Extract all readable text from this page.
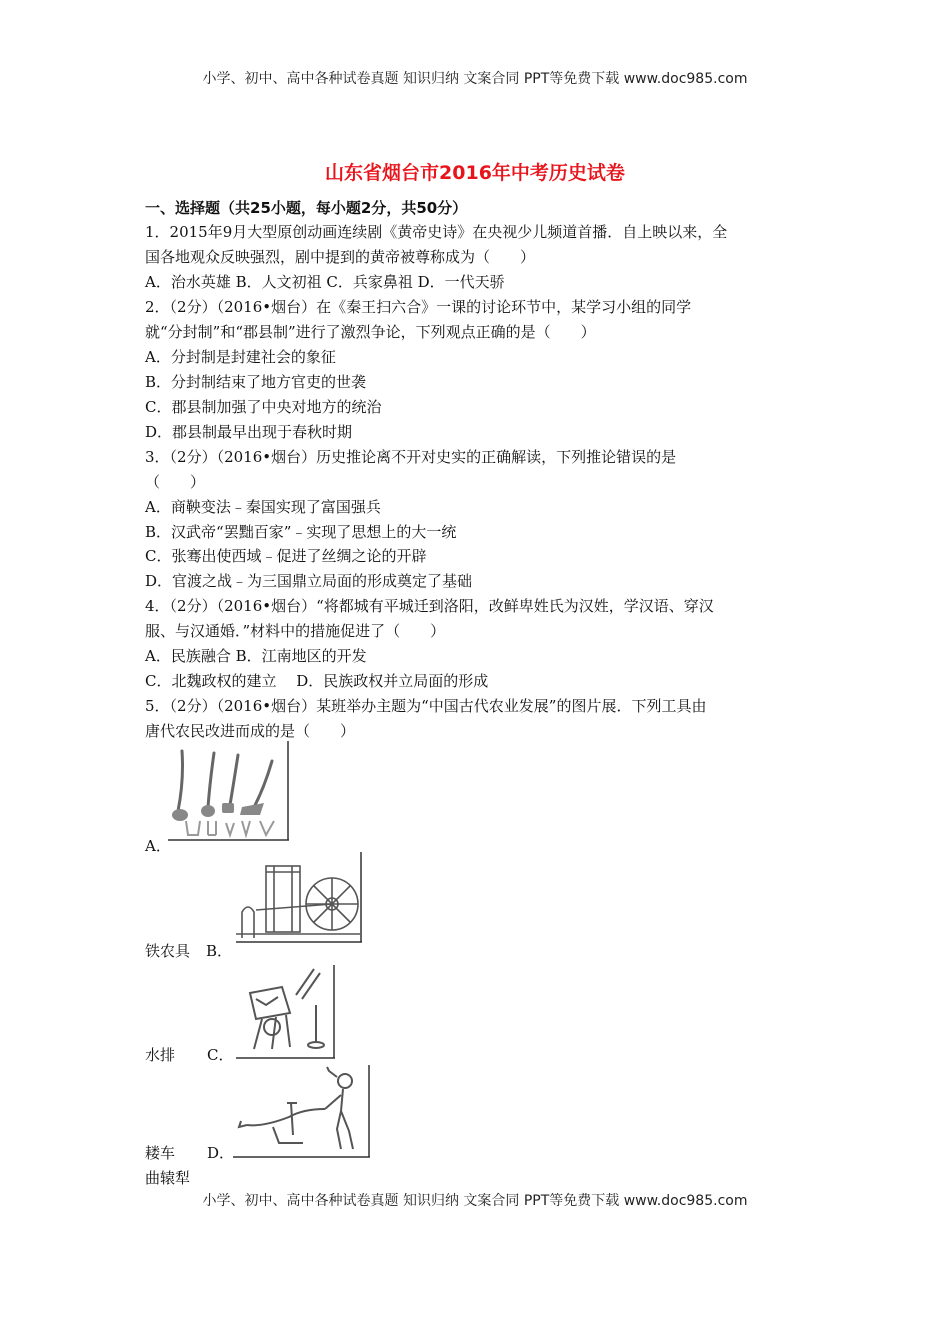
小学、初中、高中各种试卷真题 知识归纳 文案合同 PPT等免费下载 www.doc985.com
山东省烟台市2016年中考历史试卷
一、选择题（共25小题，每小题2分，共50分）
1．2015年9月大型原创动画连续剧《黄帝史诗》在央视少儿频道首播．自上映以来，全
国各地观众反映强烈，剧中提到的黄帝被尊称成为（　　）
A．治水英雄 B．人文初祖 C．兵家鼻祖 D．一代天骄
2．（2分）（2016•烟台）在《秦王扫六合》一课的讨论环节中，某学习小组的同学
就“分封制”和“郡县制”进行了激烈争论，下列观点正确的是（　　）
A．分封制是封建社会的象征
B．分封制结束了地方官吏的世袭
C．郡县制加强了中央对地方的统治
D．郡县制最早出现于春秋时期
3．（2分）（2016•烟台）历史推论离不开对史实的正确解读，下列推论错误的是
（　　）
A．商鞅变法﹣秦国实现了富国强兵
B．汉武帝“罢黜百家”﹣实现了思想上的大一统
C．张骞出使西域﹣促进了丝绸之论的开辟
D．官渡之战﹣为三国鼎立局面的形成奠定了基础
4．（2分）（2016•烟台）“将都城有平城迁到洛阳，改鲜卑姓氏为汉姓，学汉语、穿汉
服、与汉通婚．”材料中的措施促进了（　　）
A．民族融合 B．江南地区的开发
C．北魏政权的建立　 D．民族政权并立局面的形成
5．（2分）（2016•烟台）某班举办主题为“中国古代农业发展”的图片展．下列工具由
唐代农民改进而成的是（　　）
A．
铁农具 B．
水排 C．
耧车 D．
曲辕犁
小学、初中、高中各种试卷真题 知识归纳 文案合同 PPT等免费下载 www.doc985.com
